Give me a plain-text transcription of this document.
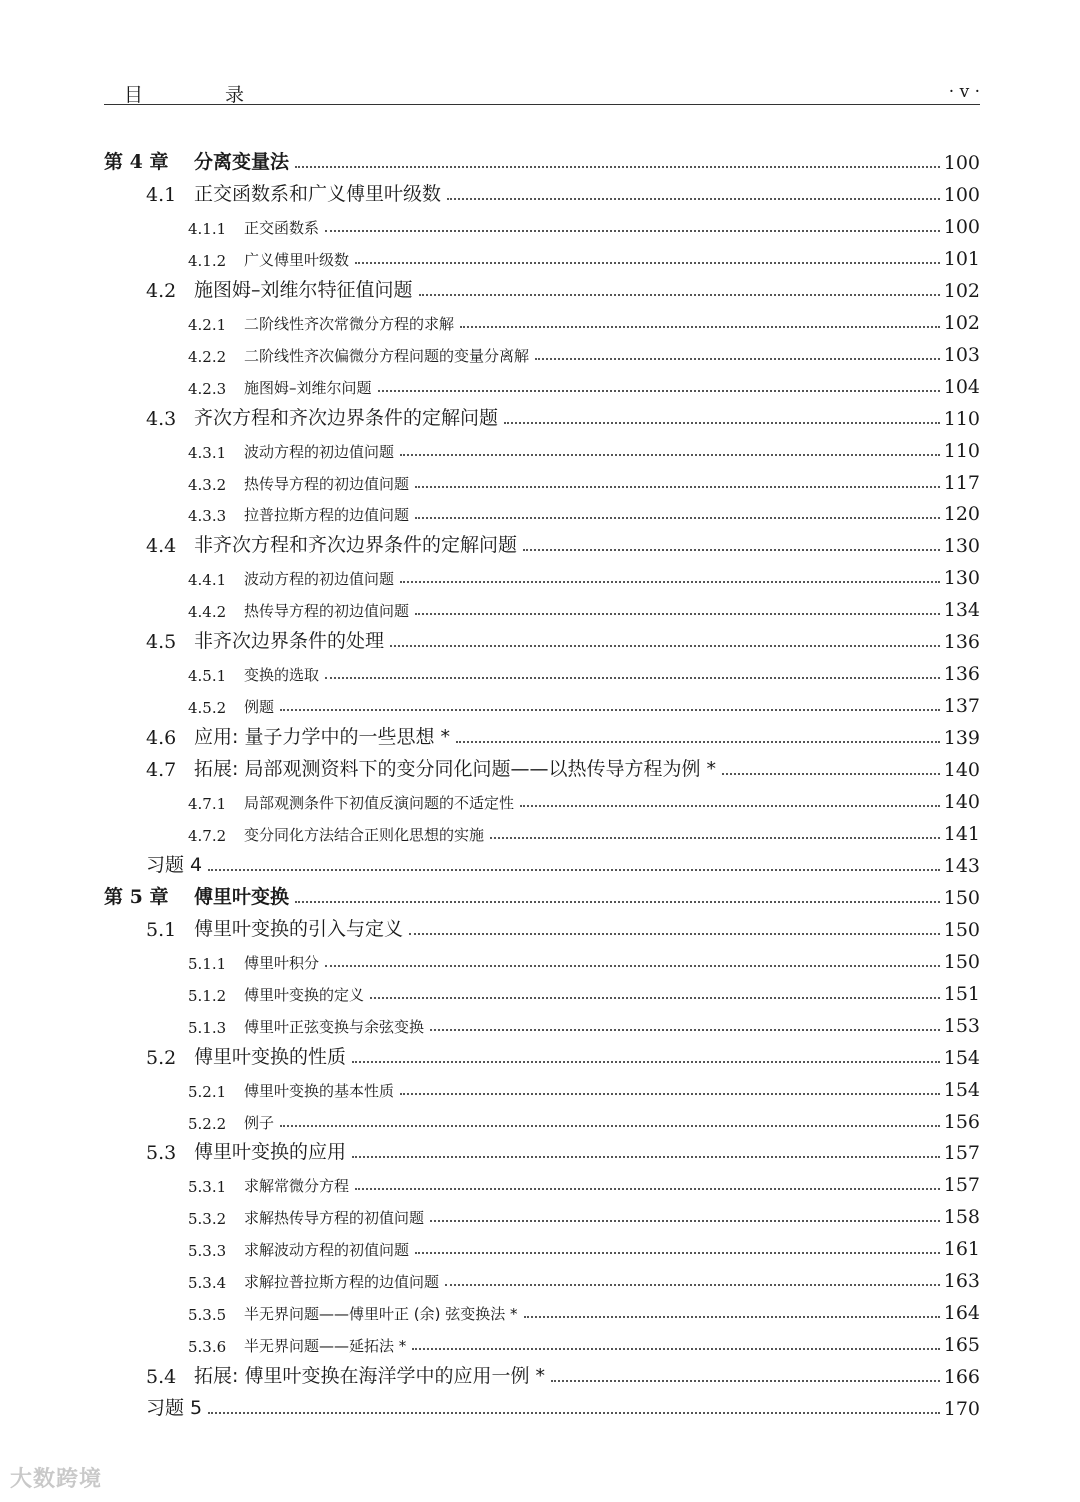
目 录	· v ·
第 4 章	分离变量法	100
4.1 正交函数系和广义傅里叶级数	100
4.1.1	正交函数系	100
4.1.2	广义傅里叶级数	101
4.2 施图姆–刘维尔特征值问题	102
4.2.1	二阶线性齐次常微分方程的求解	102
4.2.2	二阶线性齐次偏微分方程问题的变量分离解	103
4.2.3	施图姆–刘维尔问题	104
4.3 齐次方程和齐次边界条件的定解问题	110
4.3.1	波动方程的初边值问题	110
4.3.2	热传导方程的初边值问题	117
4.3.3	拉普拉斯方程的边值问题	120
4.4 非齐次方程和齐次边界条件的定解问题	130
4.4.1	波动方程的初边值问题	130
4.4.2	热传导方程的初边值问题	134
4.5 非齐次边界条件的处理	136
4.5.1	变换的选取	136
4.5.2	例题	137
4.6 应用: 量子力学中的一些思想 *	139
4.7 拓展: 局部观测资料下的变分同化问题——以热传导方程为例 *	140
4.7.1	局部观测条件下初值反演问题的不适定性	140
4.7.2	变分同化方法结合正则化思想的实施	141
习题 4	143
第 5 章	傅里叶变换	150
5.1 傅里叶变换的引入与定义	150
5.1.1	傅里叶积分	150
5.1.2	傅里叶变换的定义	151
5.1.3	傅里叶正弦变换与余弦变换	153
5.2 傅里叶变换的性质	154
5.2.1	傅里叶变换的基本性质	154
5.2.2	例子	156
5.3 傅里叶变换的应用	157
5.3.1	求解常微分方程	157
5.3.2	求解热传导方程的初值问题	158
5.3.3	求解波动方程的初值问题	161
5.3.4	求解拉普拉斯方程的边值问题	163
5.3.5	半无界问题——傅里叶正 (余) 弦变换法 *	164
5.3.6	半无界问题——延拓法 *	165
5.4 拓展: 傅里叶变换在海洋学中的应用一例 *	166
习题 5	170
大数跨境
